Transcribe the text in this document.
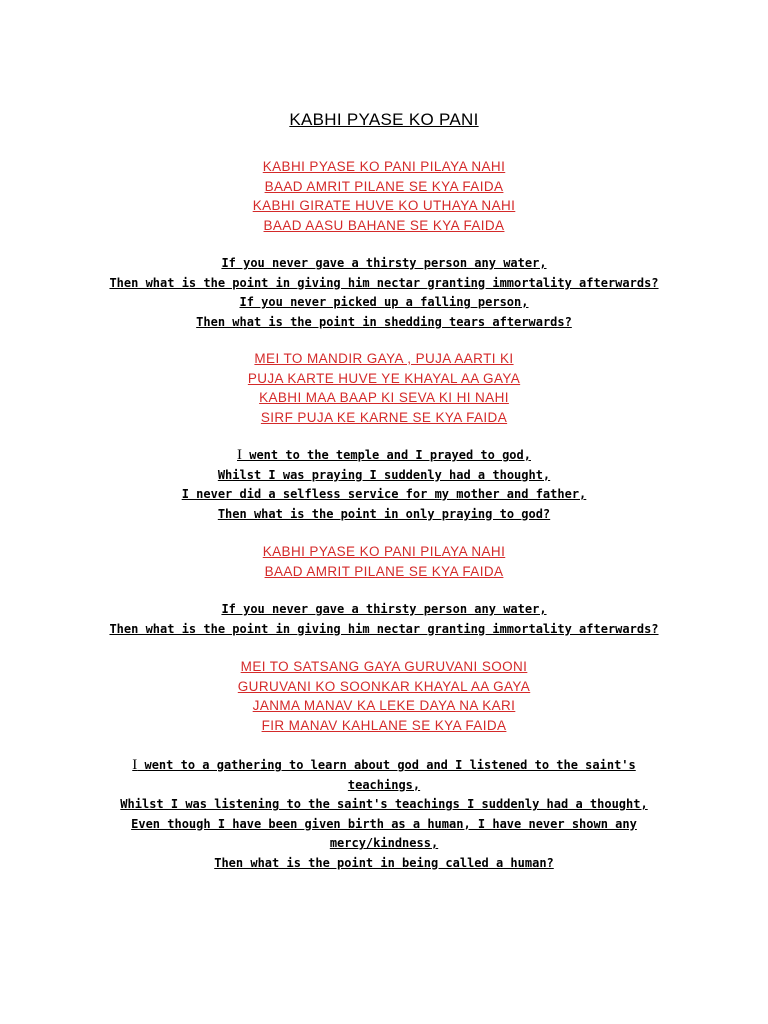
KABHI PYASE KO PANI
KABHI PYASE KO PANI PILAYA NAHI
BAAD AMRIT PILANE SE KYA FAIDA
KABHI GIRATE HUVE KO UTHAYA NAHI
BAAD AASU BAHANE SE KYA FAIDA
If you never gave a thirsty person any water,
Then what is the point in giving him nectar granting immortality afterwards?
If you never picked up a falling person,
Then what is the point in shedding tears afterwards?
MEI TO MANDIR GAYA , PUJA AARTI KI
PUJA KARTE HUVE YE KHAYAL AA GAYA
KABHI MAA BAAP KI SEVA KI HI NAHI
SIRF PUJA KE KARNE SE KYA FAIDA
I went to the temple and I prayed to god,
Whilst I was praying I suddenly had a thought,
I never did a selfless service for my mother and father,
Then what is the point in only praying to god?
KABHI PYASE KO PANI PILAYA NAHI
BAAD AMRIT PILANE SE KYA FAIDA
If you never gave a thirsty person any water,
Then what is the point in giving him nectar granting immortality afterwards?
MEI TO SATSANG GAYA GURUVANI SOONI
GURUVANI KO SOONKAR KHAYAL AA GAYA
JANMA MANAV KA LEKE DAYA NA KARI
FIR MANAV KAHLANE SE KYA FAIDA
I went to a gathering to learn about god and I listened to the saint's
teachings,
Whilst I was listening to the saint's teachings I suddenly had a thought,
Even though I have been given birth as a human, I have never shown any
mercy/kindness,
Then what is the point in being called a human?
